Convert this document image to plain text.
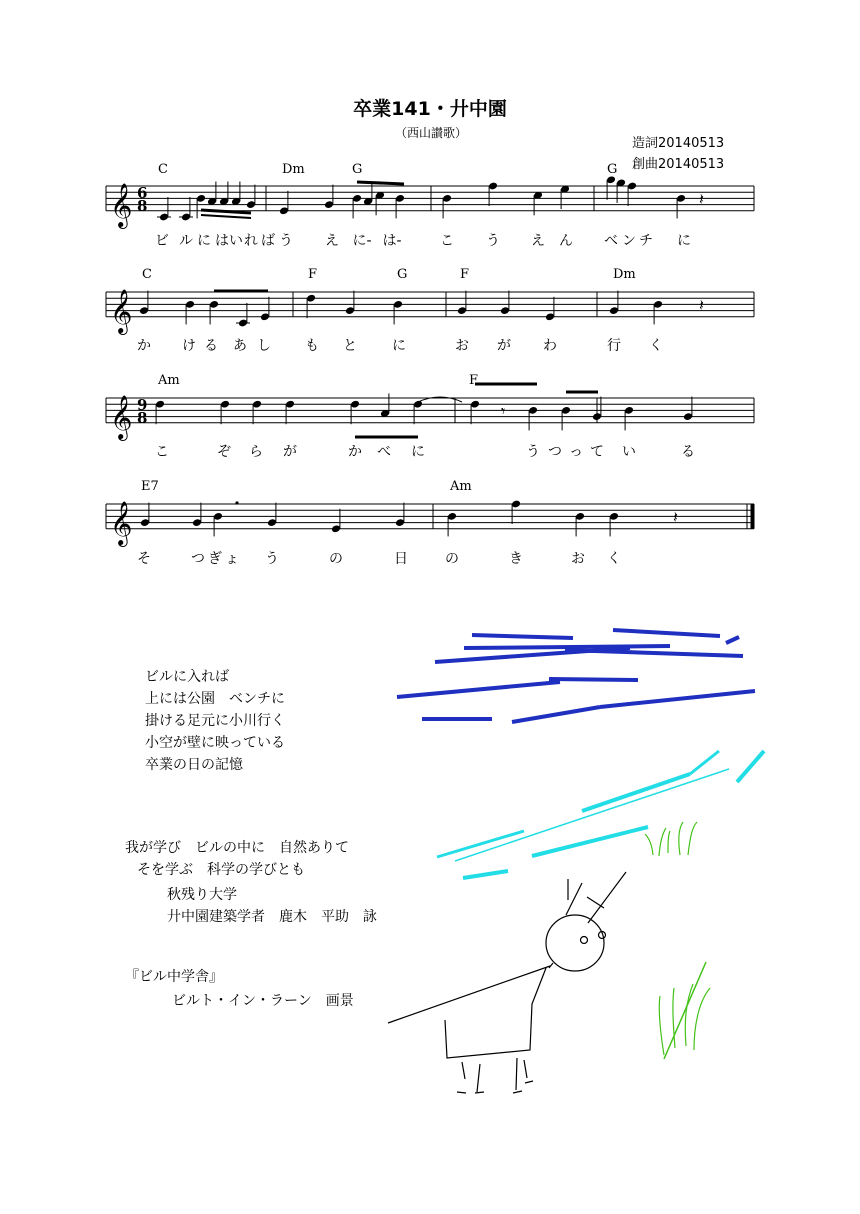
卒業141・廾中園
（西山讃歌）
造詞20140513
創曲20140513
𝄞 6
8	𝄽
𝄞	𝄽
𝄞 9
8	𝄾
𝄞	𝄽
C	Dm	G	G
ビ ル に は い れ ば う え に- は-	こ う え ん ベ ン チ に
C	F	G	F	Dm
か け る あ し も と	に	お が わ	行 く
Am	F
こ	ぞ ら が	か べ に	う つ っ て い	る
E7	Am
そ	つ ぎ ょ う	の	日	の	き	お く
ビルに入れば
上には公園　ベンチに
掛ける足元に小川行く
小空が壁に映っている
卒業の日の記憶
我が学び　ビルの中に　自然ありて
そを学ぶ　科学の学びとも
秋残り大学
廾中園建築学者　鹿木　平助　詠
『ビル中学舎』
ビルト・イン・ラーン　画景
